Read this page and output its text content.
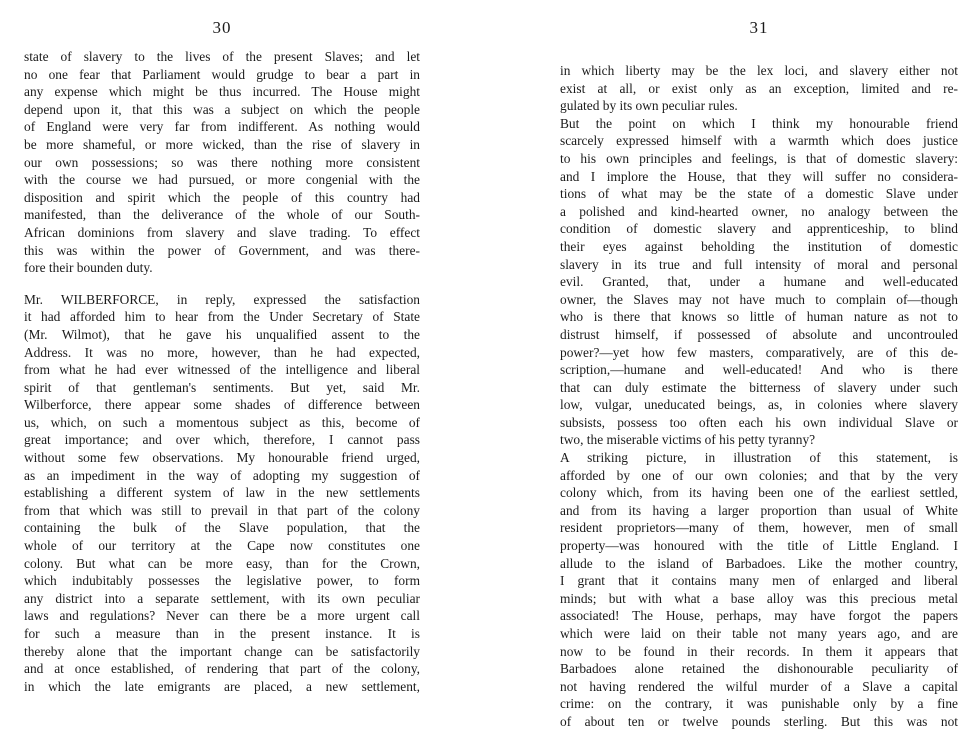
30
state of slavery to the lives of the present Slaves; and let
no one fear that Parliament would grudge to bear a part in
any expense which might be thus incurred. The House might
depend upon it, that this was a subject on which the people
of England were very far from indifferent. As nothing would
be more shameful, or more wicked, than the rise of slavery in
our own possessions; so was there nothing more consistent
with the course we had pursued, or more congenial with the
disposition and spirit which the people of this country had
manifested, than the deliverance of the whole of our South-
African dominions from slavery and slave trading. To effect
this was within the power of Government, and was there-
fore their bounden duty.
Mr. WILBERFORCE, in reply, expressed the satisfaction
it had afforded him to hear from the Under Secretary of State
(Mr. Wilmot), that he gave his unqualified assent to the
Address. It was no more, however, than he had expected,
from what he had ever witnessed of the intelligence and liberal
spirit of that gentleman's sentiments. But yet, said Mr.
Wilberforce, there appear some shades of difference between
us, which, on such a momentous subject as this, become of
great importance; and over which, therefore, I cannot pass
without some few observations. My honourable friend urged,
as an impediment in the way of adopting my suggestion of
establishing a different system of law in the new settlements
from that which was still to prevail in that part of the colony
containing the bulk of the Slave population, that the
whole of our territory at the Cape now constitutes one
colony. But what can be more easy, than for the Crown,
which indubitably possesses the legislative power, to form
any district into a separate settlement, with its own peculiar
laws and regulations? Never can there be a more urgent call
for such a measure than in the present instance. It is
thereby alone that the important change can be satisfactorily
and at once established, of rendering that part of the colony,
in which the late emigrants are placed, a new settlement,
31
in which liberty may be the lex loci, and slavery either not
exist at all, or exist only as an exception, limited and re-
gulated by its own peculiar rules.
But the point on which I think my honourable friend
scarcely expressed himself with a warmth which does justice
to his own principles and feelings, is that of domestic slavery:
and I implore the House, that they will suffer no considera-
tions of what may be the state of a domestic Slave under
a polished and kind-hearted owner, no analogy between the
condition of domestic slavery and apprenticeship, to blind
their eyes against beholding the institution of domestic
slavery in its true and full intensity of moral and personal
evil. Granted, that, under a humane and well-educated
owner, the Slaves may not have much to complain of—though
who is there that knows so little of human nature as not to
distrust himself, if possessed of absolute and uncontrouled
power?—yet how few masters, comparatively, are of this de-
scription,—humane and well-educated! And who is there
that can duly estimate the bitterness of slavery under such
low, vulgar, uneducated beings, as, in colonies where slavery
subsists, possess too often each his own individual Slave or
two, the miserable victims of his petty tyranny?
A striking picture, in illustration of this statement, is
afforded by one of our own colonies; and that by the very
colony which, from its having been one of the earliest settled,
and from its having a larger proportion than usual of White
resident proprietors—many of them, however, men of small
property—was honoured with the title of Little England. I
allude to the island of Barbadoes. Like the mother country,
I grant that it contains many men of enlarged and liberal
minds; but with what a base alloy was this precious metal
associated! The House, perhaps, may have forgot the papers
which were laid on their table not many years ago, and are
now to be found in their records. In them it appears that
Barbadoes alone retained the dishonourable peculiarity of
not having rendered the wilful murder of a Slave a capital
crime: on the contrary, it was punishable only by a fine
of about ten or twelve pounds sterling. But this was not
